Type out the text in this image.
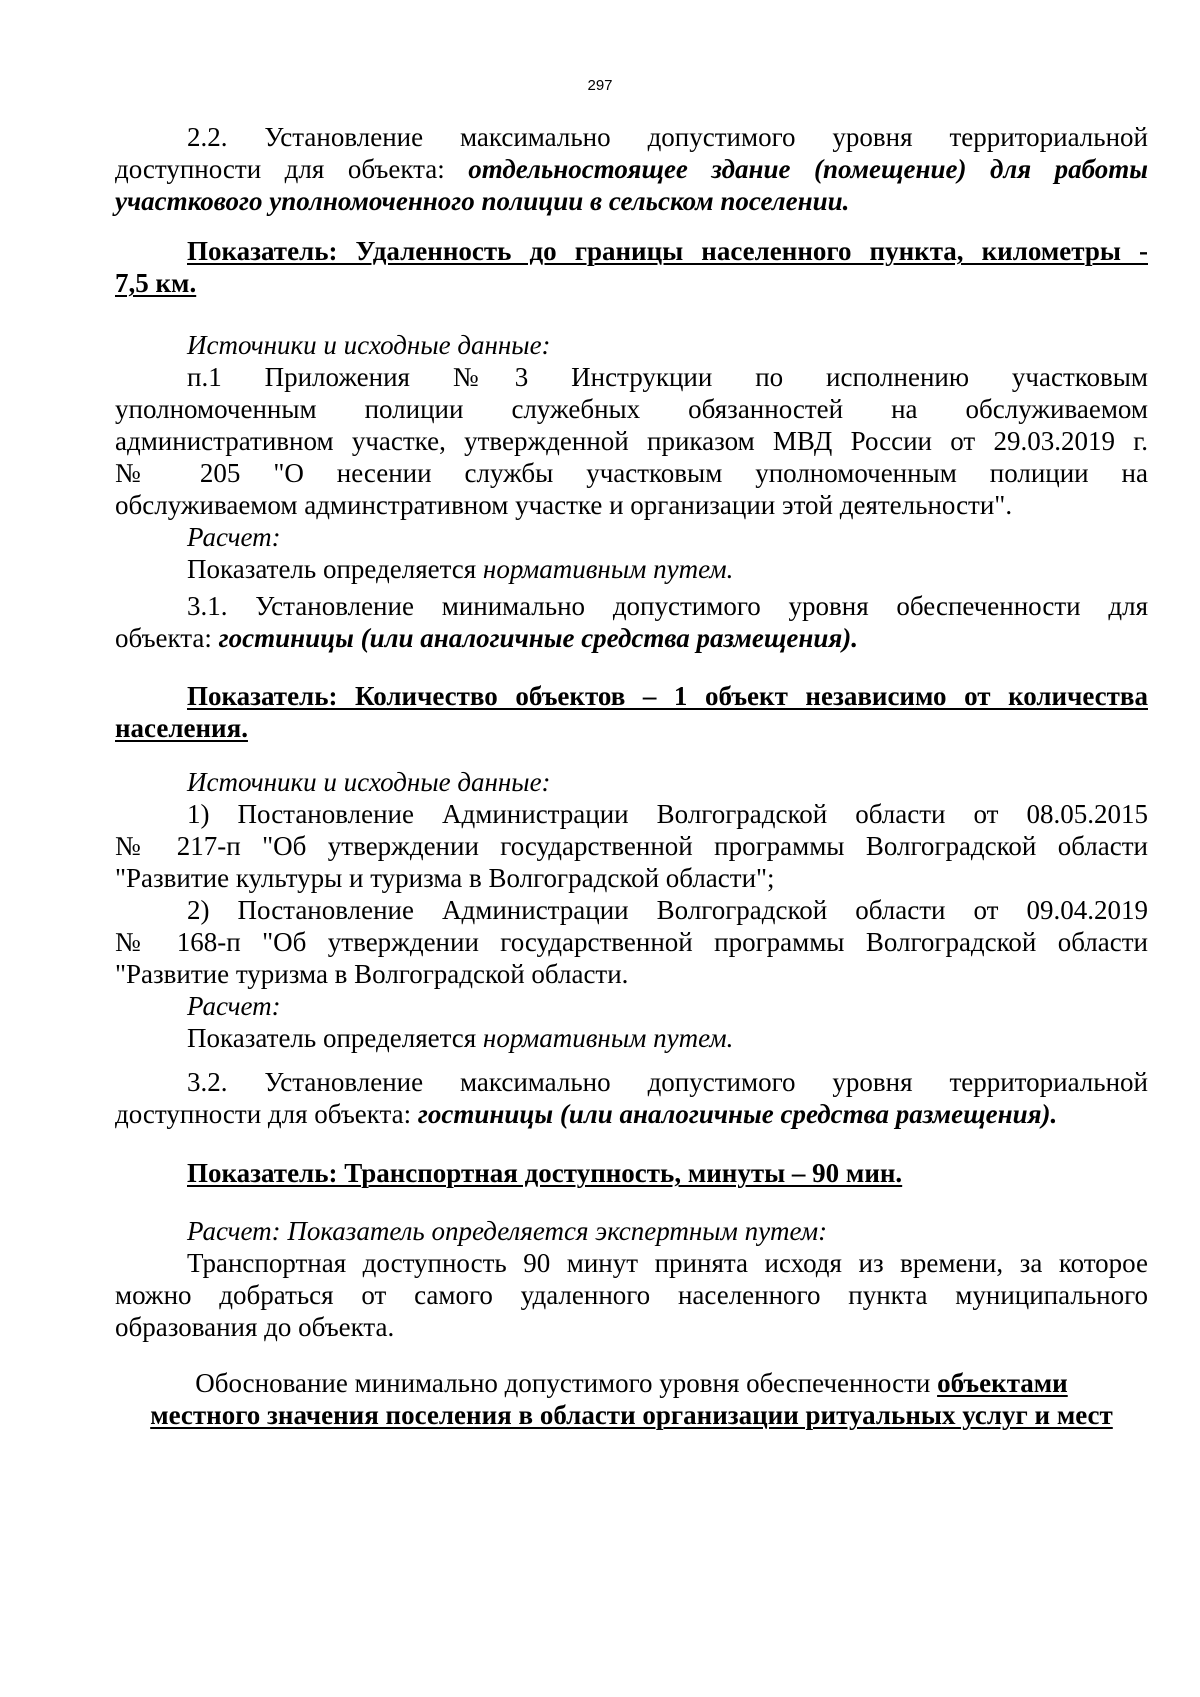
297
2.2. Установление максимально допустимого уровня территориальной
доступности для объекта: отдельностоящее здание (помещение) для работы
участкового уполномоченного полиции в сельском поселении.
Показатель: Удаленность до границы населенного пункта, километры -
7,5 км.
Источники и исходные данные:
п.1 Приложения №3 Инструкции по исполнению участковым
уполномоченным полиции служебных обязанностей на обслуживаемом
административном участке, утвержденной приказом МВД России от 29.03.2019 г.
№ 205 "О несении службы участковым уполномоченным полиции на
обслуживаемом админстративном участке и организации этой деятельности".
Расчет:
Показатель определяется нормативным путем.
3.1. Установление минимально допустимого уровня обеспеченности для
объекта: гостиницы (или аналогичные средства размещения).
Показатель: Количество объектов – 1 объект независимо от количества
населения.
Источники и исходные данные:
1) Постановление Администрации Волгоградской области от 08.05.2015
№ 217-п "Об утверждении государственной программы Волгоградской области
"Развитие культуры и туризма в Волгоградской области";
2) Постановление Администрации Волгоградской области от 09.04.2019
№ 168-п "Об утверждении государственной программы Волгоградской области
"Развитие туризма в Волгоградской области.
Расчет:
Показатель определяется нормативным путем.
3.2. Установление максимально допустимого уровня территориальной
доступности для объекта: гостиницы (или аналогичные средства размещения).
Показатель: Транспортная доступность, минуты – 90 мин.
Расчет: Показатель определяется экспертным путем:
Транспортная доступность 90 минут принята исходя из времени, за которое
можно добраться от самого удаленного населенного пункта муниципального
образования до объекта.
Обоснование минимально допустимого уровня обеспеченности объектами
местного значения поселения в области организации ритуальных услуг и мест
